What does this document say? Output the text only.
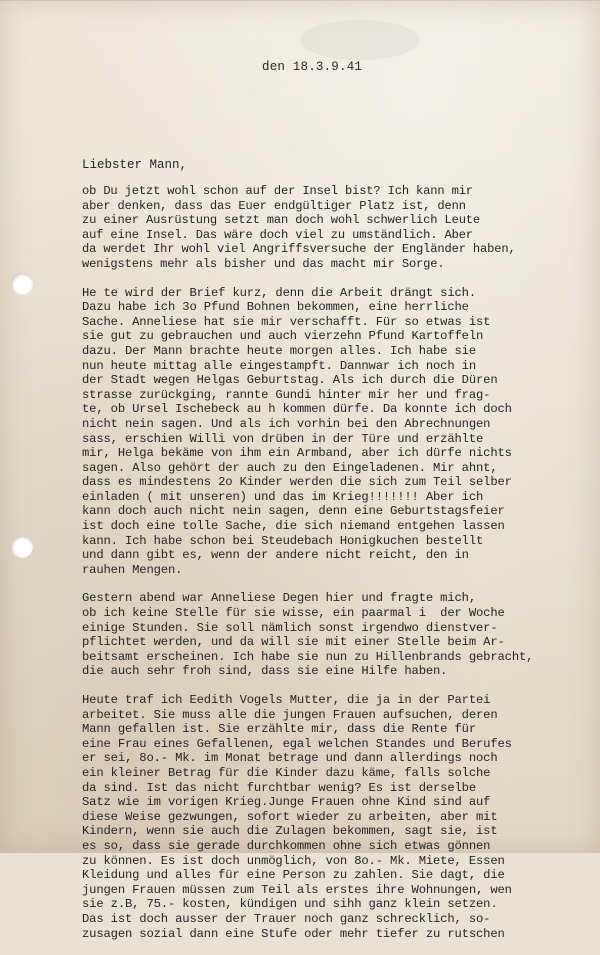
den 18.3.9.41
Liebster Mann,
ob Du jetzt wohl schon auf der Insel bist? Ich kann mir
aber denken, dass das Euer endgültiger Platz ist, denn
zu einer Ausrüstung setzt man doch wohl schwerlich Leute
auf eine Insel. Das wäre doch viel zu umständlich. Aber
da werdet Ihr wohl viel Angriffsversuche der Engländer haben,
wenigstens mehr als bisher und das macht mir Sorge.
He te wird der Brief kurz, denn die Arbeit drängt sich.
Dazu habe ich 3o Pfund Bohnen bekommen, eine herrliche
Sache. Anneliese hat sie mir verschafft. Für so etwas ist
sie gut zu gebrauchen und auch vierzehn Pfund Kartoffeln
dazu. Der Mann brachte heute morgen alles. Ich habe sie
nun heute mittag alle eingestampft. Dannwar ich noch in
der Stadt wegen Helgas Geburtstag. Als ich durch die Düren
strasse zurückging, rannte Gundi hinter mir her und frag-
te, ob Ursel Ischebeck au h kommen dürfe. Da konnte ich doch
nicht nein sagen. Und als ich vorhin bei den Abrechnungen
sass, erschien Willi von drüben in der Türe und erzählte
mir, Helga bekäme von ihm ein Armband, aber ich dürfe nichts
sagen. Also gehört der auch zu den Eingeladenen. Mir ahnt,
dass es mindestens 2o Kinder werden die sich zum Teil selber
einladen ( mit unseren) und das im Krieg!!!!!!! Aber ich
kann doch auch nicht nein sagen, denn eine Geburtstagsfeier
ist doch eine tolle Sache, die sich niemand entgehen lassen
kann. Ich habe schon bei Steudebach Honigkuchen bestellt
und dann gibt es, wenn der andere nicht reicht, den in
rauhen Mengen.
Gestern abend war Anneliese Degen hier und fragte mich,
ob ich keine Stelle für sie wisse, ein paarmal i  der Woche
einige Stunden. Sie soll nämlich sonst irgendwo dienstver-
pflichtet werden, und da will sie mit einer Stelle beim Ar-
beitsamt erscheinen. Ich habe sie nun zu Hillenbrands gebracht,
die auch sehr froh sind, dass sie eine Hilfe haben.
Heute traf ich Eedith Vogels Mutter, die ja in der Partei
arbeitet. Sie muss alle die jungen Frauen aufsuchen, deren
Mann gefallen ist. Sie erzählte mir, dass die Rente für
eine Frau eines Gefallenen, egal welchen Standes und Berufes
er sei, 8o.- Mk. im Monat betrage und dann allerdings noch
ein kleiner Betrag für die Kinder dazu käme, falls solche
da sind. Ist das nicht furchtbar wenig? Es ist derselbe
Satz wie im vorigen Krieg.Junge Frauen ohne Kind sind auf
diese Weise gezwungen, sofort wieder zu arbeiten, aber mit
Kindern, wenn sie auch die Zulagen bekommen, sagt sie, ist
es so, dass sie gerade durchkommen ohne sich etwas gönnen
zu können. Es ist doch unmöglich, von 8o.- Mk. Miete, Essen
Kleidung und alles für eine Person zu zahlen. Sie dagt, die
jungen Frauen müssen zum Teil als erstes ihre Wohnungen, wen
sie z.B, 75.- kosten, kündigen und sihh ganz klein setzen.
Das ist doch ausser der Trauer noch ganz schrecklich, so-
zusagen sozial dann eine Stufe oder mehr tiefer zu rutschen
